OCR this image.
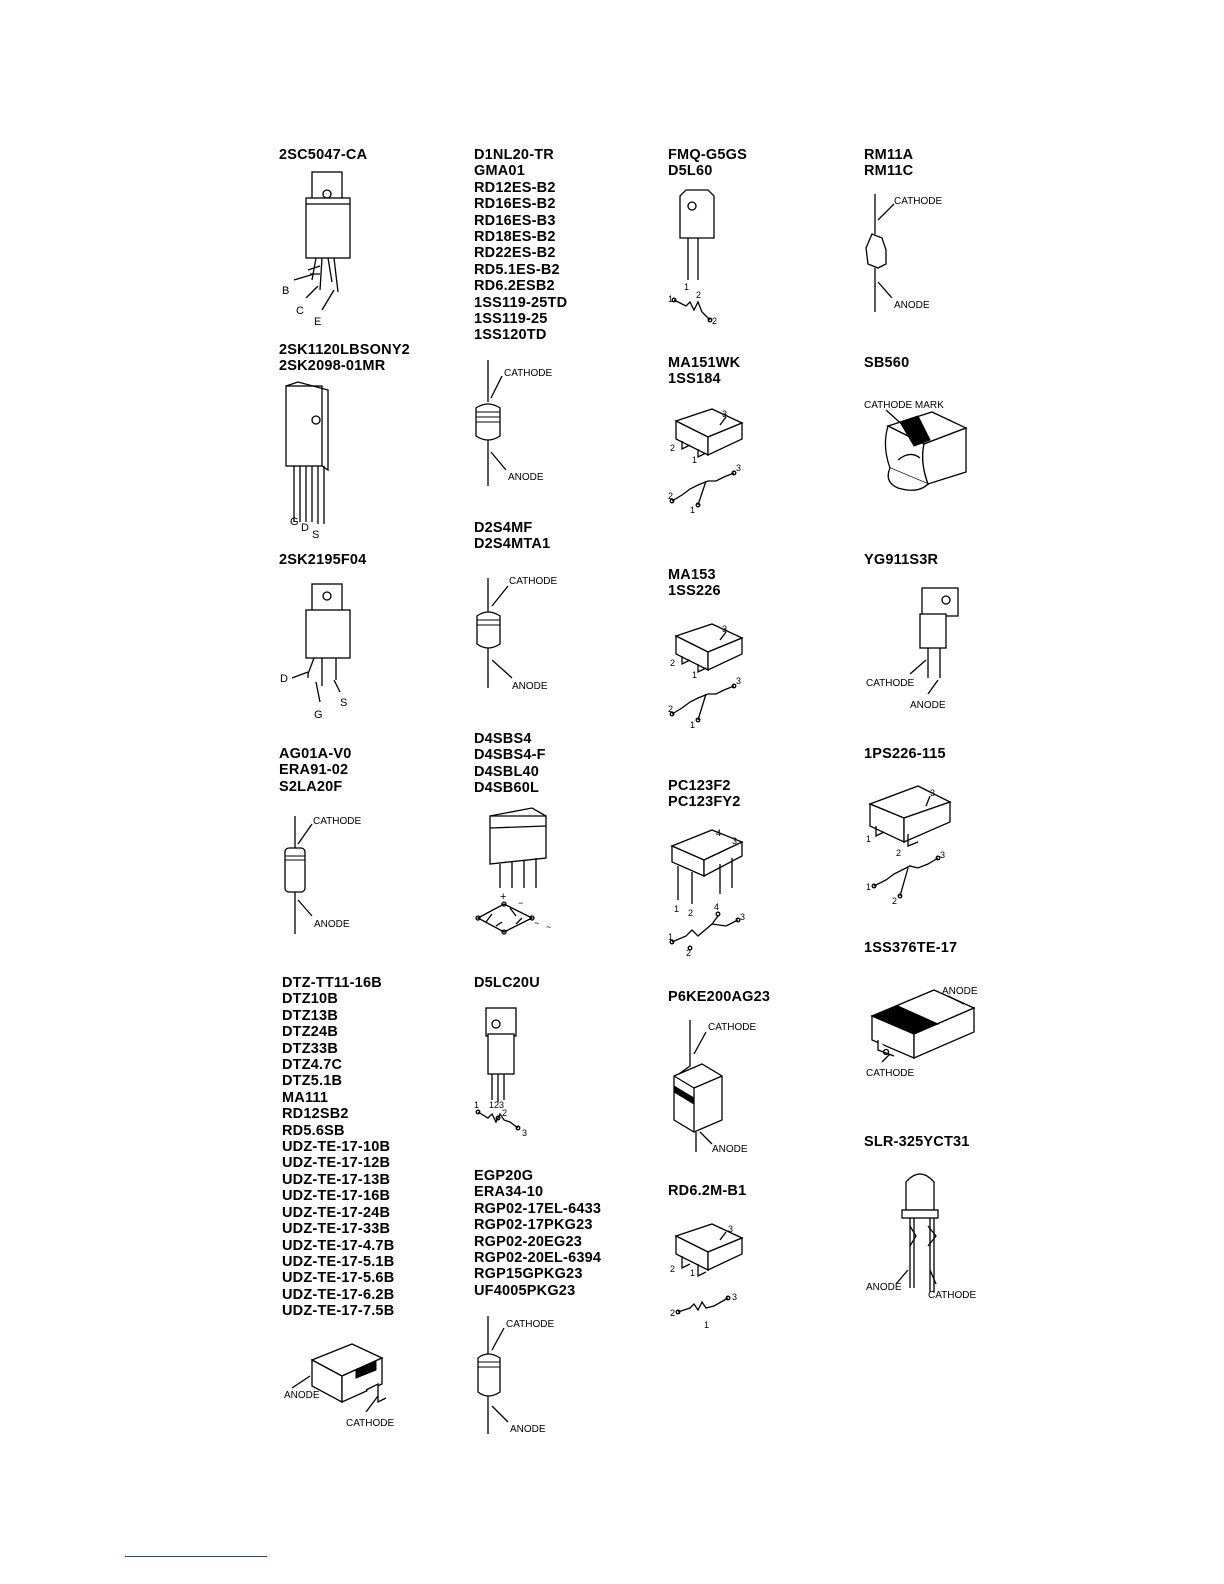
2SC5047-CA
B
C
E
2SK1120LBSONY2
2SK2098-01MR
G D
S
2SK2195F04
D
G
S
AG01A-V0
ERA91-02
S2LA20F
CATHODE
ANODE
DTZ-TT11-16B
DTZ10B
DTZ13B
DTZ24B
DTZ33B
DTZ4.7C
DTZ5.1B
MA111
RD12SB2
RD5.6SB
UDZ-TE-17-10B
UDZ-TE-17-12B
UDZ-TE-17-13B
UDZ-TE-17-16B
UDZ-TE-17-24B
UDZ-TE-17-33B
UDZ-TE-17-4.7B
UDZ-TE-17-5.1B
UDZ-TE-17-5.6B
UDZ-TE-17-6.2B
UDZ-TE-17-7.5B
ANODE
CATHODE
D1NL20-TR
GMA01
RD12ES-B2
RD16ES-B2
RD16ES-B3
RD18ES-B2
RD22ES-B2
RD5.1ES-B2
RD6.2ESB2
1SS119-25TD
1SS119-25
1SS120TD
CATHODE
ANODE
D2S4MF
D2S4MTA1
CATHODE
ANODE
D4SBS4
D4SBS4-F
D4SBL40
D4SB60L
+ −
~ ~
D5LC20U
123
1
2
3
EGP20G
ERA34-10
RGP02-17EL-6433
RGP02-17PKG23
RGP02-20EG23
RGP02-20EL-6394
RGP15GPKG23
UF4005PKG23
CATHODE
ANODE
FMQ-G5GS
D5L60
1
2
1
2
MA151WK
1SS184
3
2
1
2
3
1
MA153
1SS226
3
2
1
2
3
1
PC123F2
PC123FY2
4
3
1 2
1
4
3
2
P6KE200AG23
CATHODE
ANODE
RD6.2M-B1
3
2 1
2
3
1
RM11A
RM11C
CATHODE
ANODE
SB560
CATHODE MARK
YG911S3R
CATHODE
ANODE
1PS226-115
3
1
2
1
3
2
1SS376TE-17
ANODE
CATHODE
SLR-325YCT31
ANODE
CATHODE
